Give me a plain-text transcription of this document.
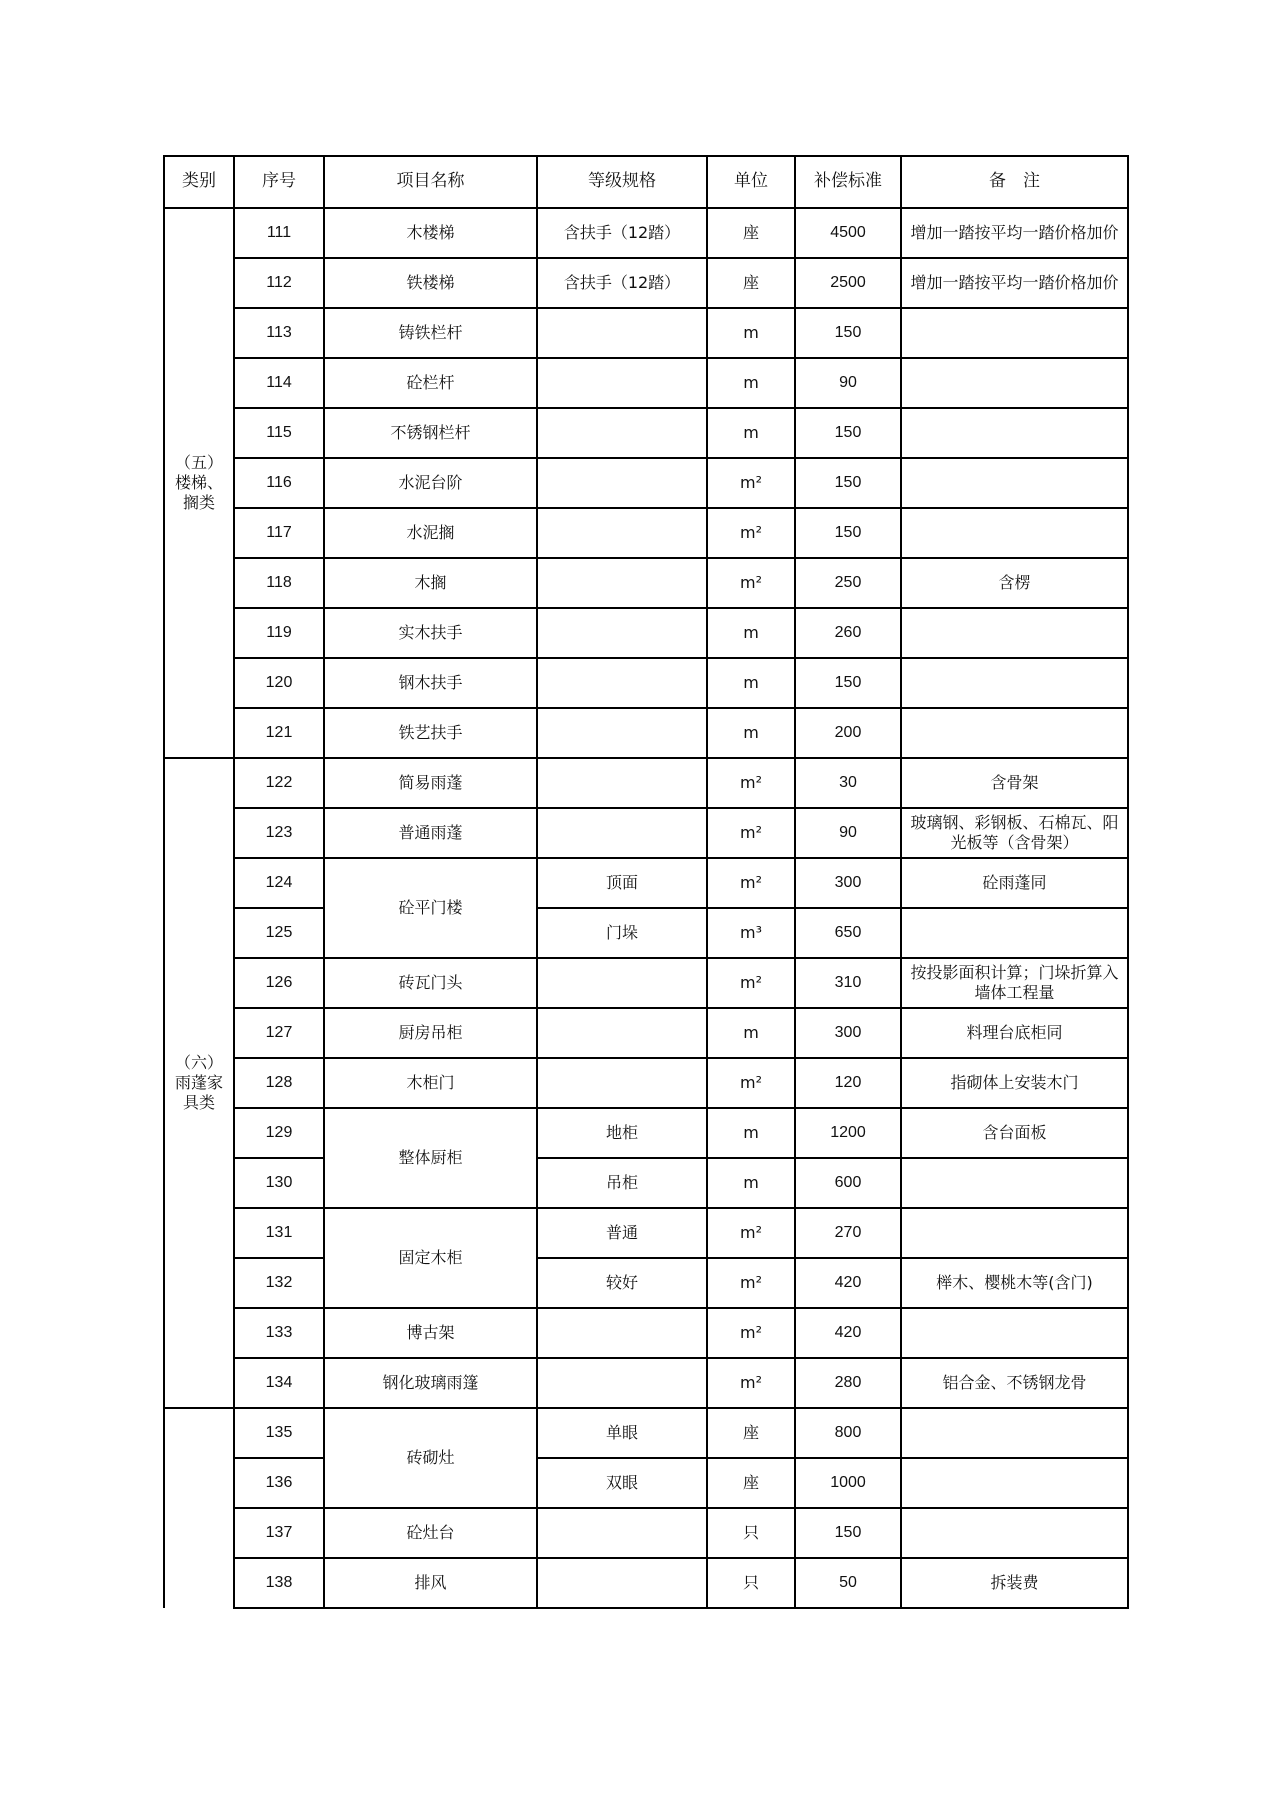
类别	序号	项目名称	等级规格	单位	补偿标准	备　注
（五）楼梯、搁类	111	木楼梯	含扶手（12踏）	座	4500	增加一踏按平均一踏价格加价
	112	铁楼梯	含扶手（12踏）	座	2500	增加一踏按平均一踏价格加价
	113	铸铁栏杆		m	150	
	114	砼栏杆		m	90	
	115	不锈钢栏杆		m	150	
	116	水泥台阶		m²	150	
	117	水泥搁		m²	150	
	118	木搁		m²	250	含楞
	119	实木扶手		m	260	
	120	钢木扶手		m	150	
	121	铁艺扶手		m	200	
（六）雨蓬家具类	122	简易雨蓬		m²	30	含骨架
	123	普通雨蓬		m²	90	玻璃钢、彩钢板、石棉瓦、阳光板等（含骨架）
	124	砼平门楼	顶面	m²	300	砼雨蓬同
	125		门垛	m³	650	
	126	砖瓦门头		m²	310	按投影面积计算；门垛折算入墙体工程量
	127	厨房吊柜		m	300	料理台底柜同
	128	木柜门		m²	120	指砌体上安装木门
	129	整体厨柜	地柜	m	1200	含台面板
	130		吊柜	m	600	
	131	固定木柜	普通	m²	270	
	132		较好	m²	420	榉木、樱桃木等(含门)
	133	博古架		m²	420	
	134	钢化玻璃雨篷		m²	280	铝合金、不锈钢龙骨
	135	砖砌灶	单眼	座	800	
	136		双眼	座	1000	
	137	砼灶台		只	150	
	138	排风		只	50	拆装费
